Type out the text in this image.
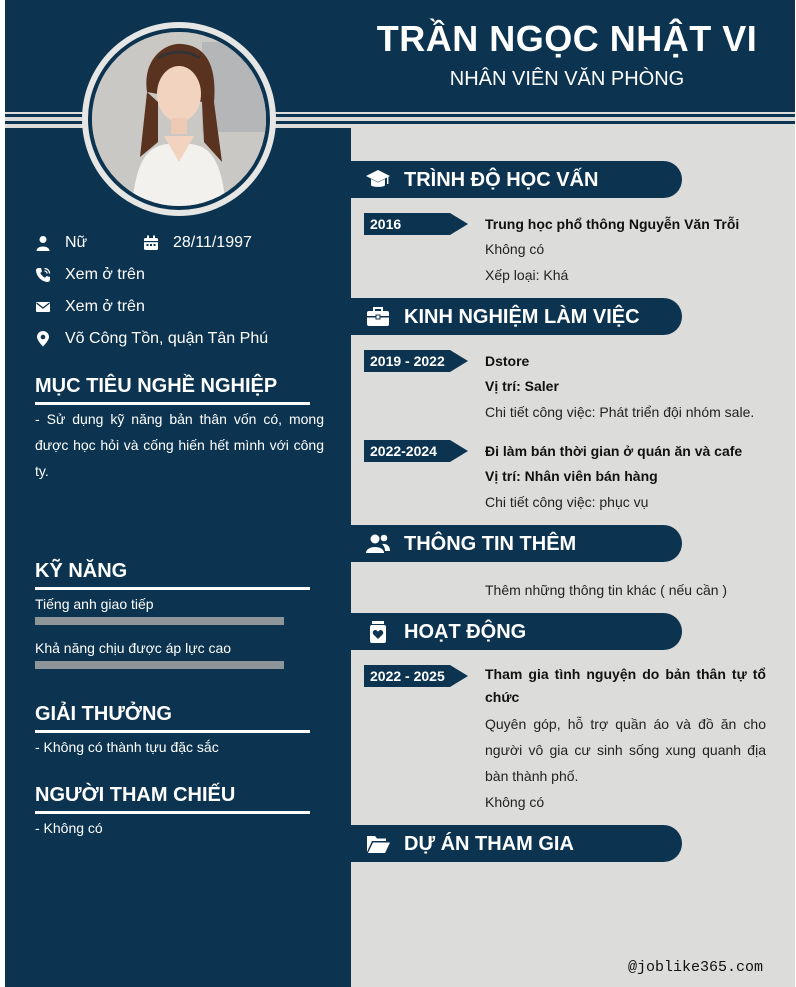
TRẦN NGỌC NHẬT VI
NHÂN VIÊN VĂN PHÒNG
Nữ	28/11/1997
Xem ở trên
Xem ở trên
Võ Công Tồn, quận Tân Phú
MỤC TIÊU NGHỀ NGHIỆP
- Sử dụng kỹ năng bản thân vốn có, mong được học hỏi và cống hiến hết mình với công ty.
KỸ NĂNG
Tiếng anh giao tiếp
Khả năng chịu được áp lực cao
GIẢI THƯỞNG
- Không có thành tựu đặc sắc
NGƯỜI THAM CHIẾU
- Không có
TRÌNH ĐỘ HỌC VẤN
2016	Trung học phổ thông Nguyễn Văn Trỗi
Không có
Xếp loại: Khá
KINH NGHIỆM LÀM VIỆC
2019 - 2022	Dstore
Vị trí: Saler
Chi tiết công việc: Phát triển đội nhóm sale.
2022-2024	Đi làm bán thời gian ở quán ăn và cafe
Vị trí: Nhân viên bán hàng
Chi tiết công việc: phục vụ
THÔNG TIN THÊM
Thêm những thông tin khác ( nếu cần )
HOẠT ĐỘNG
2022 - 2025	Tham gia tình nguyện do bản thân tự tổ chức
Quyên góp, hỗ trợ quần áo và đồ ăn cho người vô gia cư sinh sống xung quanh địa bàn thành phố.
Không có
DỰ ÁN THAM GIA
@joblike365.com
